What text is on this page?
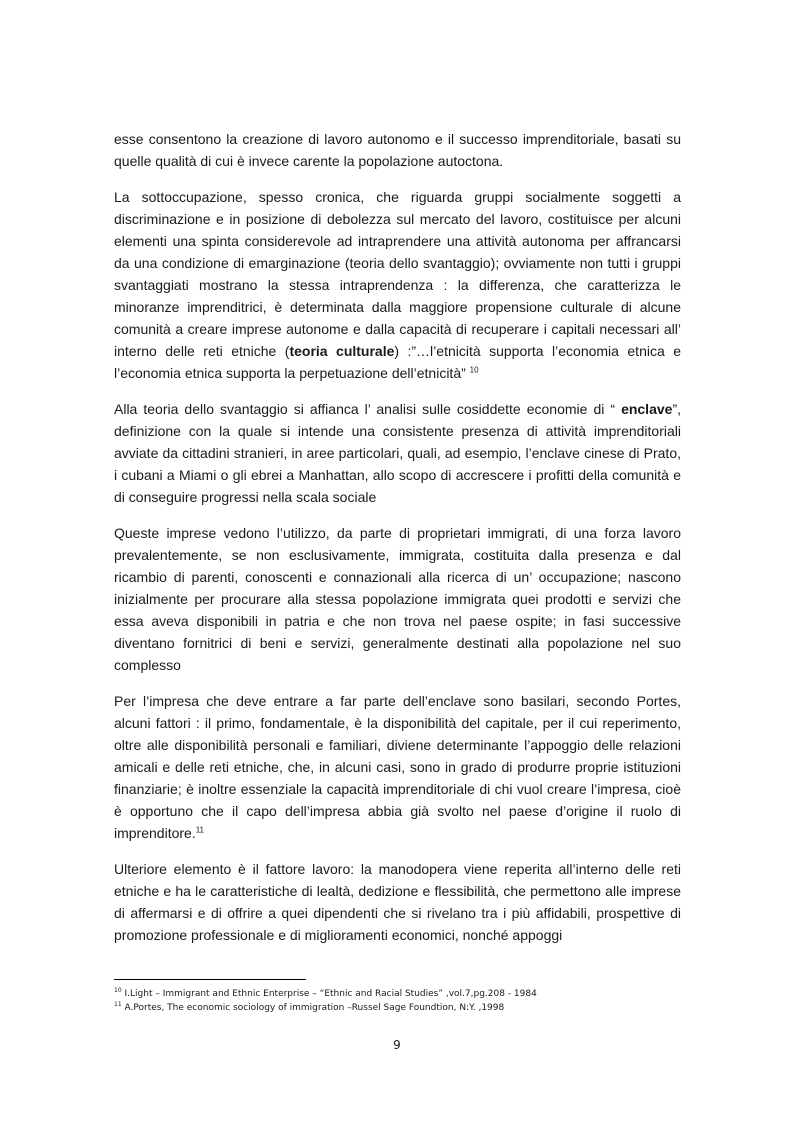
esse consentono la creazione di lavoro autonomo e il successo imprenditoriale, basati su quelle qualità di cui è invece carente la popolazione autoctona.

La sottoccupazione, spesso cronica, che riguarda gruppi socialmente soggetti a discriminazione e in posizione di debolezza sul mercato del lavoro, costituisce per alcuni elementi una spinta considerevole ad intraprendere una attività autonoma per affrancarsi da una condizione di emarginazione (teoria dello svantaggio); ovviamente non tutti i gruppi svantaggiati mostrano la stessa intraprendenza : la differenza, che caratterizza le minoranze imprenditrici, è determinata dalla maggiore propensione culturale di alcune comunità a creare imprese autonome e dalla capacità di recuperare i capitali necessari all’ interno delle reti etniche (teoria culturale) :”…l’etnicità supporta l’economia etnica e l’economia etnica supporta la perpetuazione dell’etnicità” $^{10}$

Alla teoria dello svantaggio si affianca l’ analisi sulle cosiddette economie di “ enclave”, definizione con la quale si intende una consistente presenza di attività imprenditoriali avviate da cittadini stranieri, in aree particolari, quali, ad esempio, l’enclave cinese di Prato, i cubani a Miami o gli ebrei a Manhattan, allo scopo di accrescere i profitti della comunità e di conseguire progressi nella scala sociale

Queste imprese vedono l’utilizzo, da parte di proprietari immigrati, di una forza lavoro prevalentemente, se non esclusivamente, immigrata, costituita dalla presenza e dal ricambio di parenti, conoscenti e connazionali alla ricerca di un’ occupazione; nascono inizialmente per procurare alla stessa popolazione immigrata quei prodotti e servizi che essa aveva disponibili in patria e che non trova nel paese ospite; in fasi successive diventano fornitrici di beni e servizi, generalmente destinati alla popolazione nel suo complesso

Per l’impresa che deve entrare a far parte dell’enclave sono basilari, secondo Portes, alcuni fattori : il primo, fondamentale, è la disponibilità del capitale, per il cui reperimento, oltre alle disponibilità personali e familiari, diviene determinante l’appoggio delle relazioni amicali e delle reti etniche, che, in alcuni casi, sono in grado di produrre proprie istituzioni finanziarie; è inoltre essenziale la capacità imprenditoriale di chi vuol creare l’impresa, cioè è opportuno che il capo dell’impresa abbia già svolto nel paese d’origine il ruolo di imprenditore.$^{11}$

Ulteriore elemento è il fattore lavoro: la manodopera viene reperita all’interno delle reti etniche e ha le caratteristiche di lealtà, dedizione e flessibilità, che permettono alle imprese di affermarsi e di offrire a quei dipendenti che si rivelano tra i più affidabili, prospettive di promozione professionale e di miglioramenti economici, nonché appoggi

$^{10}$ I.Light – Immigrant and Ethnic Enterprise – “Ethnic and Racial Studies” ,vol.7,pg.208 - 1984

$^{11}$ A.Portes, The economic sociology of immigration –Russel Sage Foundtion, N:Y. ,1998

9
